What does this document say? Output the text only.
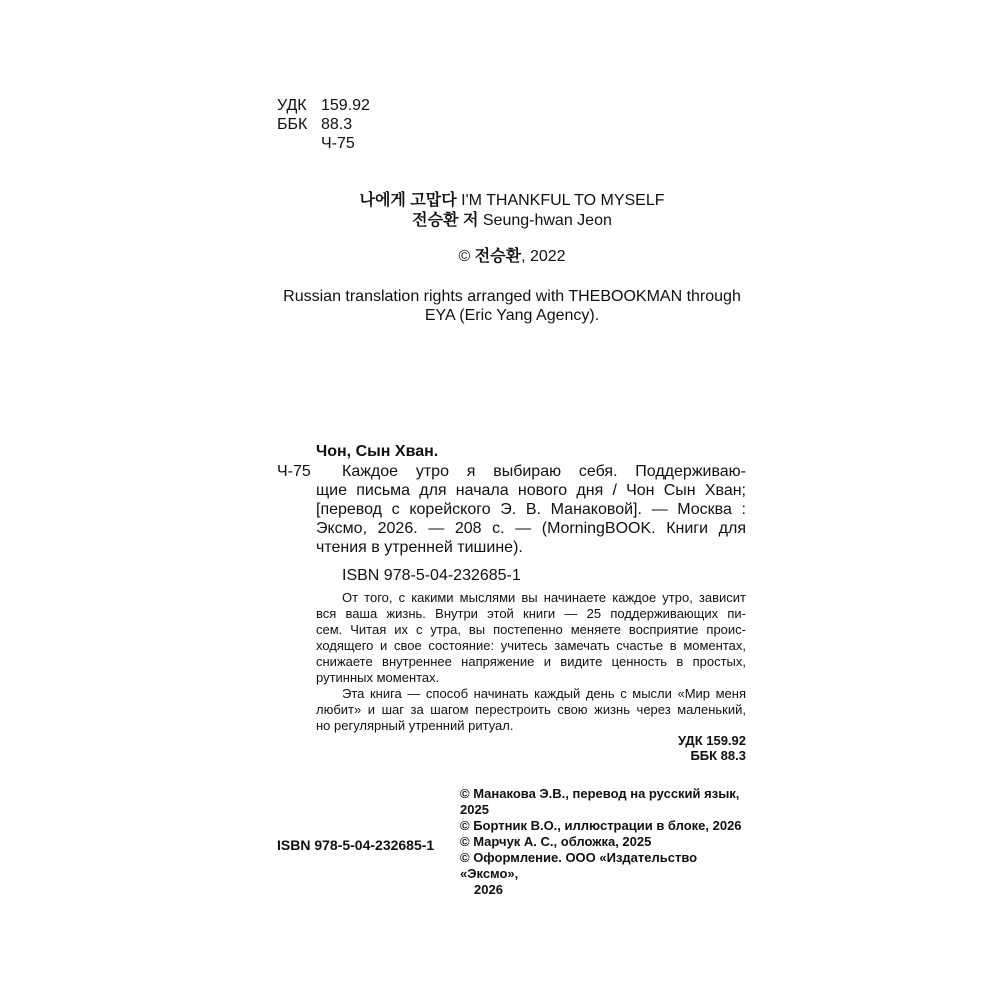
УДК 159.92
ББК 88.3
Ч-75
나에게 고맙다 I'M THANKFUL TO MYSELF
전승환 저 Seung-hwan Jeon
© 전승환, 2022
Russian translation rights arranged with THEBOOKMAN through
EYA (Eric Yang Agency).
Чон, Сын Хван.
Ч-75 Каждое утро я выбираю себя. Поддерживаю-
щие письма для начала нового дня / Чон Сын Хван;
[перевод с корейского Э. В. Манаковой]. — Москва :
Эксмо, 2026. — 208 с. — (MorningBOOK. Книги для
чтения в утренней тишине).
ISBN 978-5-04-232685-1
От того, с какими мыслями вы начинаете каждое утро, зависит
вся ваша жизнь. Внутри этой книги — 25 поддерживающих пи-
сем. Читая их с утра, вы постепенно меняете восприятие проис-
ходящего и свое состояние: учитесь замечать счастье в моментах,
снижаете внутреннее напряжение и видите ценность в простых,
рутинных моментах.
Эта книга — способ начинать каждый день с мысли «Мир меня
любит» и шаг за шагом перестроить свою жизнь через маленький,
но регулярный утренний ритуал.
УДК 159.92
ББК 88.3
© Манакова Э.В., перевод на русский язык, 2025
© Бортник В.О., иллюстрации в блоке, 2026
© Марчук А. С., обложка, 2025
© Оформление. ООО «Издательство «Эксмо»,
2026
ISBN 978-5-04-232685-1
